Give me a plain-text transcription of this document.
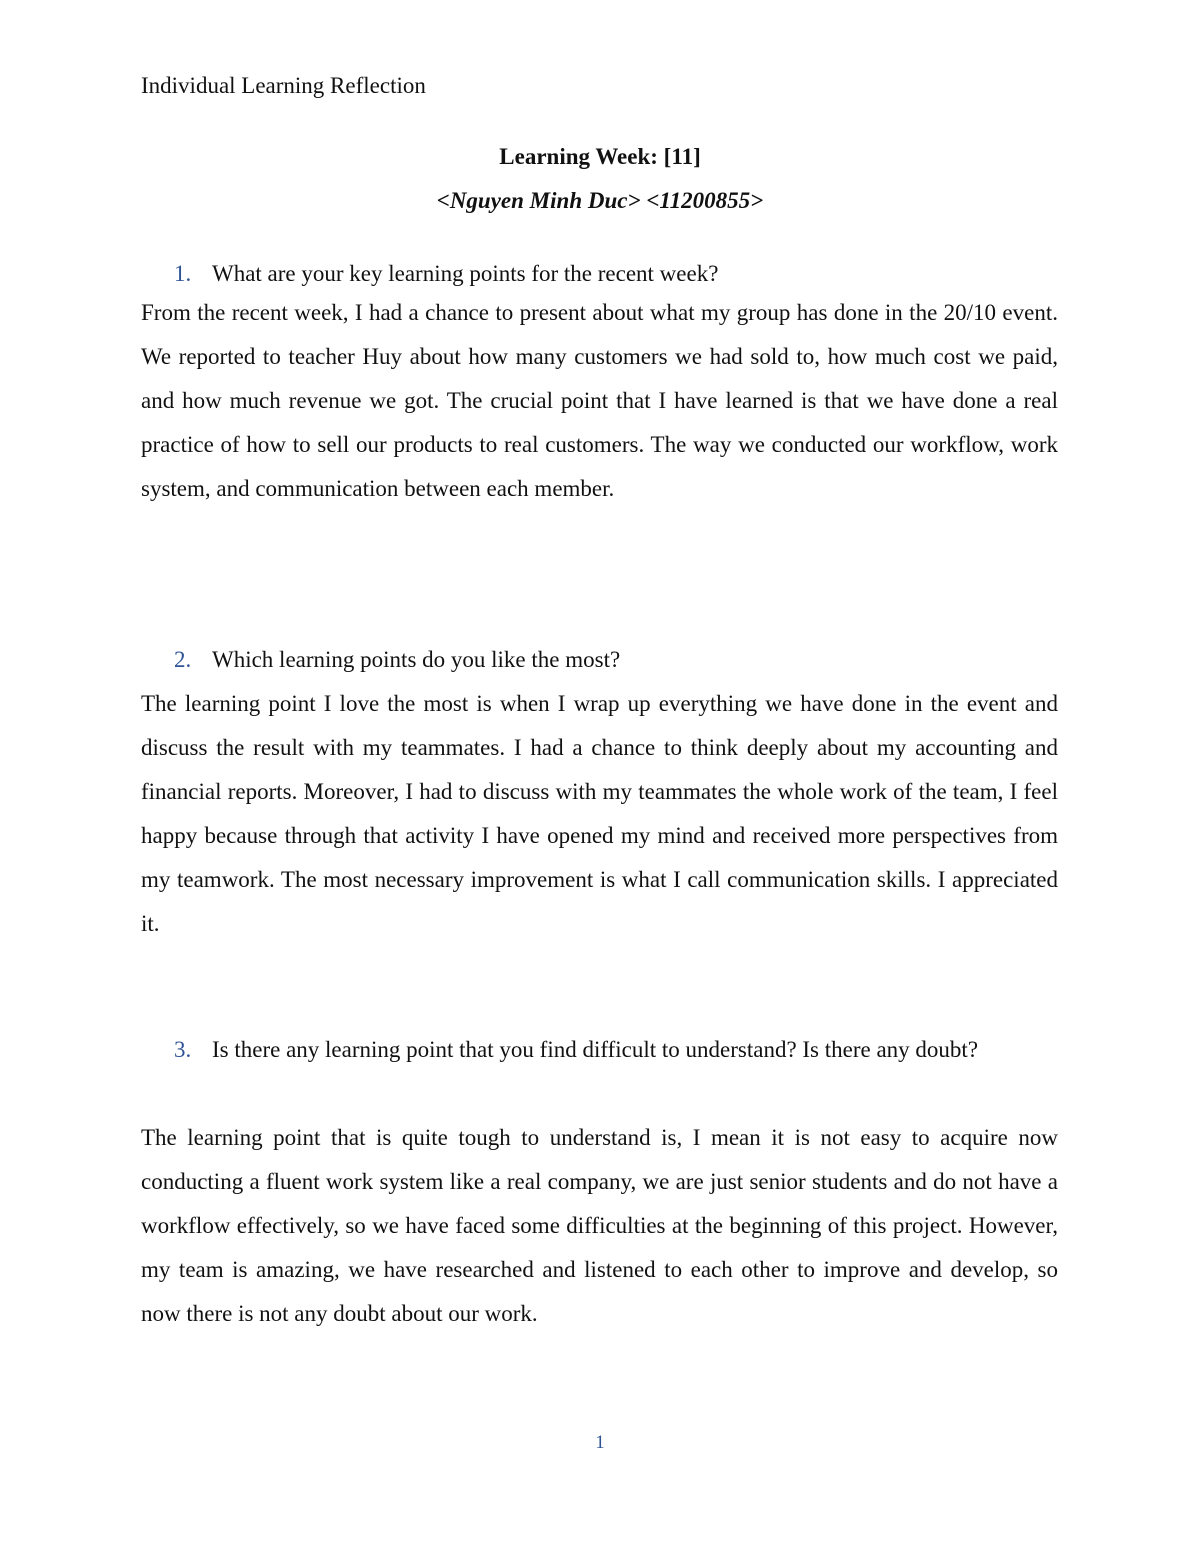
Individual Learning Reflection
Learning Week: [11]
<Nguyen Minh Duc> <11200855>
1. What are your key learning points for the recent week?

From the recent week, I had a chance to present about what my group has done in the 20/10 event. We reported to teacher Huy about how many customers we had sold to, how much cost we paid, and how much revenue we got. The crucial point that I have learned is that we have done a real practice of how to sell our products to real customers. The way we conducted our workflow, work system, and communication between each member.

2. Which learning points do you like the most?

The learning point I love the most is when I wrap up everything we have done in the event and discuss the result with my teammates. I had a chance to think deeply about my accounting and financial reports. Moreover, I had to discuss with my teammates the whole work of the team, I feel happy because through that activity I have opened my mind and received more perspectives from my teamwork. The most necessary improvement is what I call communication skills. I appreciated it.

3. Is there any learning point that you find difficult to understand? Is there any doubt?

The learning point that is quite tough to understand is, I mean it is not easy to acquire now conducting a fluent work system like a real company, we are just senior students and do not have a workflow effectively, so we have faced some difficulties at the beginning of this project. However, my team is amazing, we have researched and listened to each other to improve and develop, so now there is not any doubt about our work.

1
